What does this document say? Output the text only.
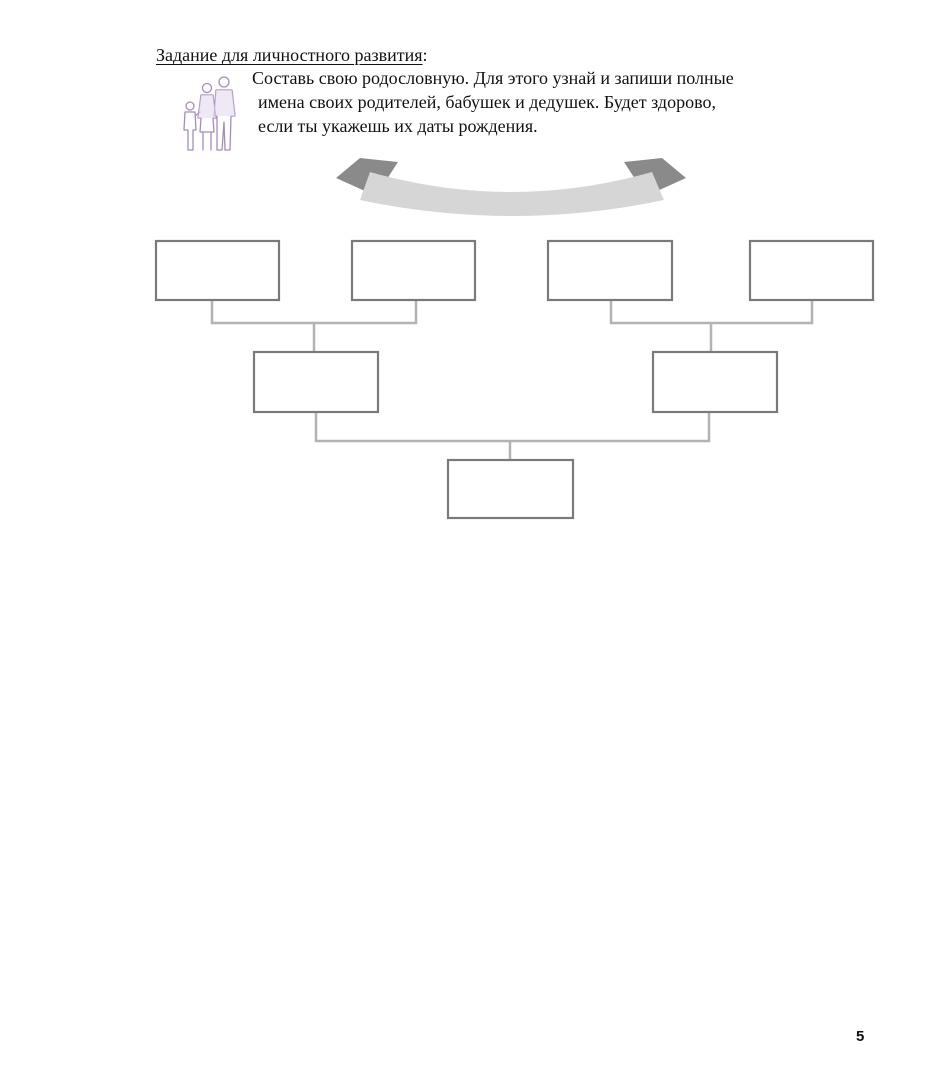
Задание для личностного развития:
Составь свою родословную. Для этого узнай и запиши полные
имена своих родителей, бабушек и дедушек. Будет здорово,
если ты укажешь их даты рождения.
5
